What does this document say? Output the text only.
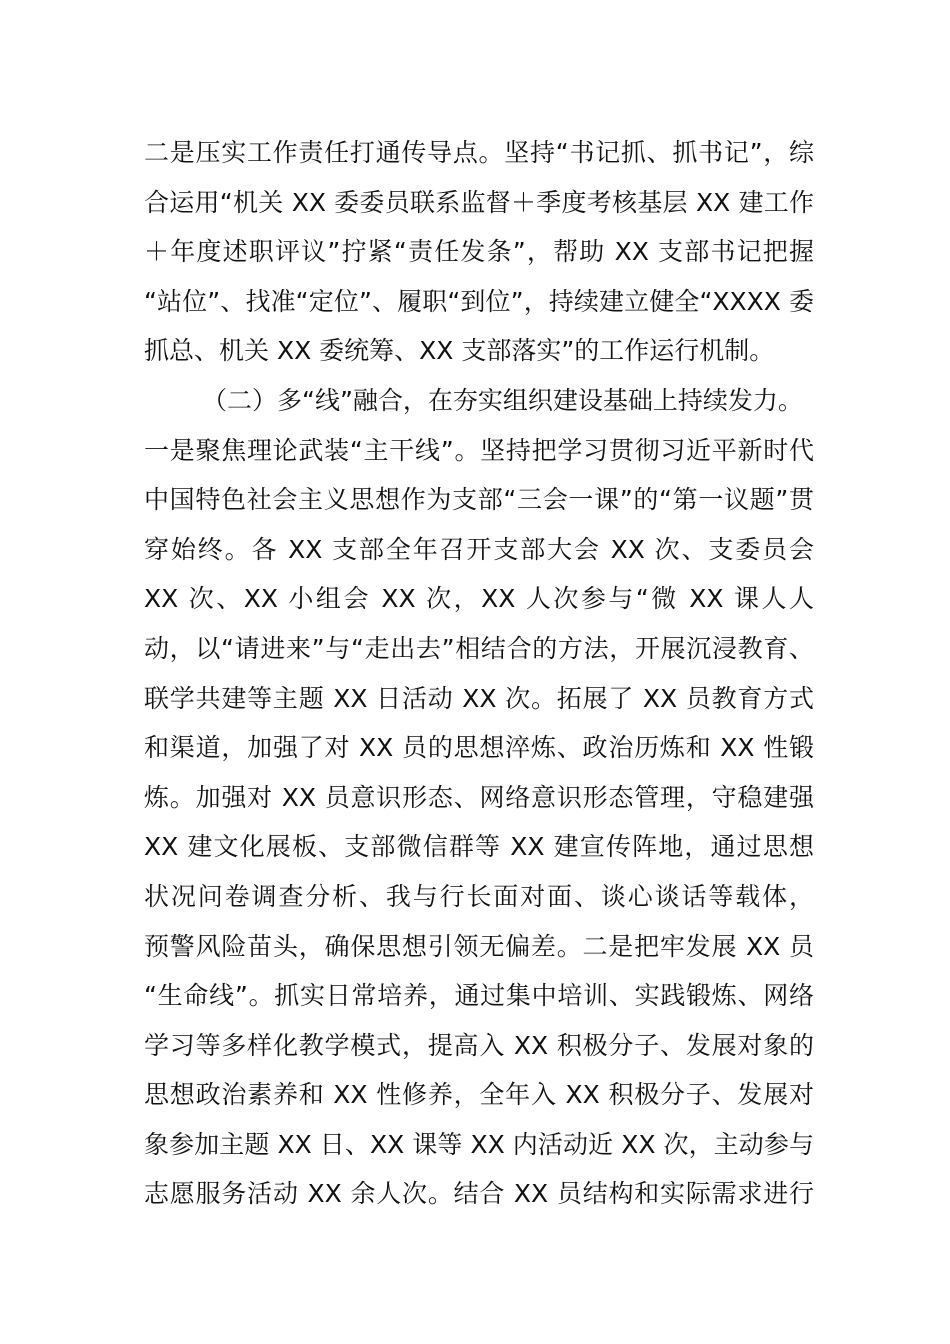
二是压实工作责任打通传导点。坚持“书记抓、抓书记”，综
合运用“机关 XX 委委员联系监督＋季度考核基层 XX 建工作
＋年度述职评议”拧紧“责任发条”，帮助 XX 支部书记把握
“站位”、找准“定位”、履职“到位”，持续建立健全“XXXX 委
抓总、机关 XX 委统筹、XX 支部落实”的工作运行机制。
（二）多“线”融合，在夯实组织建设基础上持续发力。
一是聚焦理论武装“主干线”。坚持把学习贯彻习近平新时代
中国特色社会主义思想作为支部“三会一课”的“第一议题”贯
穿始终。各 XX 支部全年召开支部大会 XX 次、支委员会
XX 次、XX 小组会 XX 次，XX 人次参与“微 XX 课人人
动，以“请进来”与“走出去”相结合的方法，开展沉浸教育、
联学共建等主题 XX 日活动 XX 次。拓展了 XX 员教育方式
和渠道，加强了对 XX 员的思想淬炼、政治历炼和 XX 性锻
炼。加强对 XX 员意识形态、网络意识形态管理，守稳建强
XX 建文化展板、支部微信群等 XX 建宣传阵地，通过思想
状况问卷调查分析、我与行长面对面、谈心谈话等载体，
预警风险苗头，确保思想引领无偏差。二是把牢发展 XX 员
“生命线”。抓实日常培养，通过集中培训、实践锻炼、网络
学习等多样化教学模式，提高入 XX 积极分子、发展对象的
思想政治素养和 XX 性修养，全年入 XX 积极分子、发展对
象参加主题 XX 日、XX 课等 XX 内活动近 XX 次，主动参与
志愿服务活动 XX 余人次。结合 XX 员结构和实际需求进行
